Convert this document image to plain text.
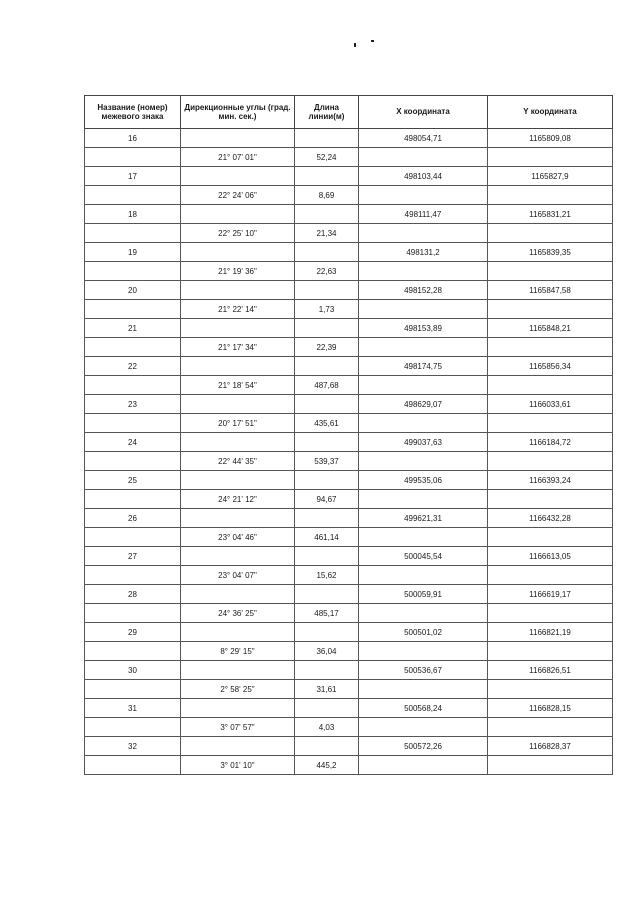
Название (номер) межевого знака	Дирекционные углы (град. мин. сек.)	Длина линии(м)	X координата	Y координата
16			498054,71	1165809,08
	21° 07' 01"	52,24		
17			498103,44	1165827,9
	22° 24' 06"	8,69		
18			498111,47	1165831,21
	22° 25' 10"	21,34		
19			498131,2	1165839,35
	21° 19' 36"	22,63		
20			498152,28	1165847,58
	21° 22' 14"	1,73		
21			498153,89	1165848,21
	21° 17' 34"	22,39		
22			498174,75	1165856,34
	21° 18' 54"	487,68		
23			498629,07	1166033,61
	20° 17' 51"	435,61		
24			499037,63	1166184,72
	22° 44' 35"	539,37		
25			499535,06	1166393,24
	24° 21' 12"	94,67		
26			499621,31	1166432,28
	23° 04' 46"	461,14		
27			500045,54	1166613,05
	23° 04' 07"	15,62		
28			500059,91	1166619,17
	24° 36' 25"	485,17		
29			500501,02	1166821,19
	8° 29' 15"	36,04		
30			500536,67	1166826,51
	2° 58' 25"	31,61		
31			500568,24	1166828,15
	3° 07' 57"	4,03		
32			500572,26	1166828,37
	3° 01' 10"	445,2		
